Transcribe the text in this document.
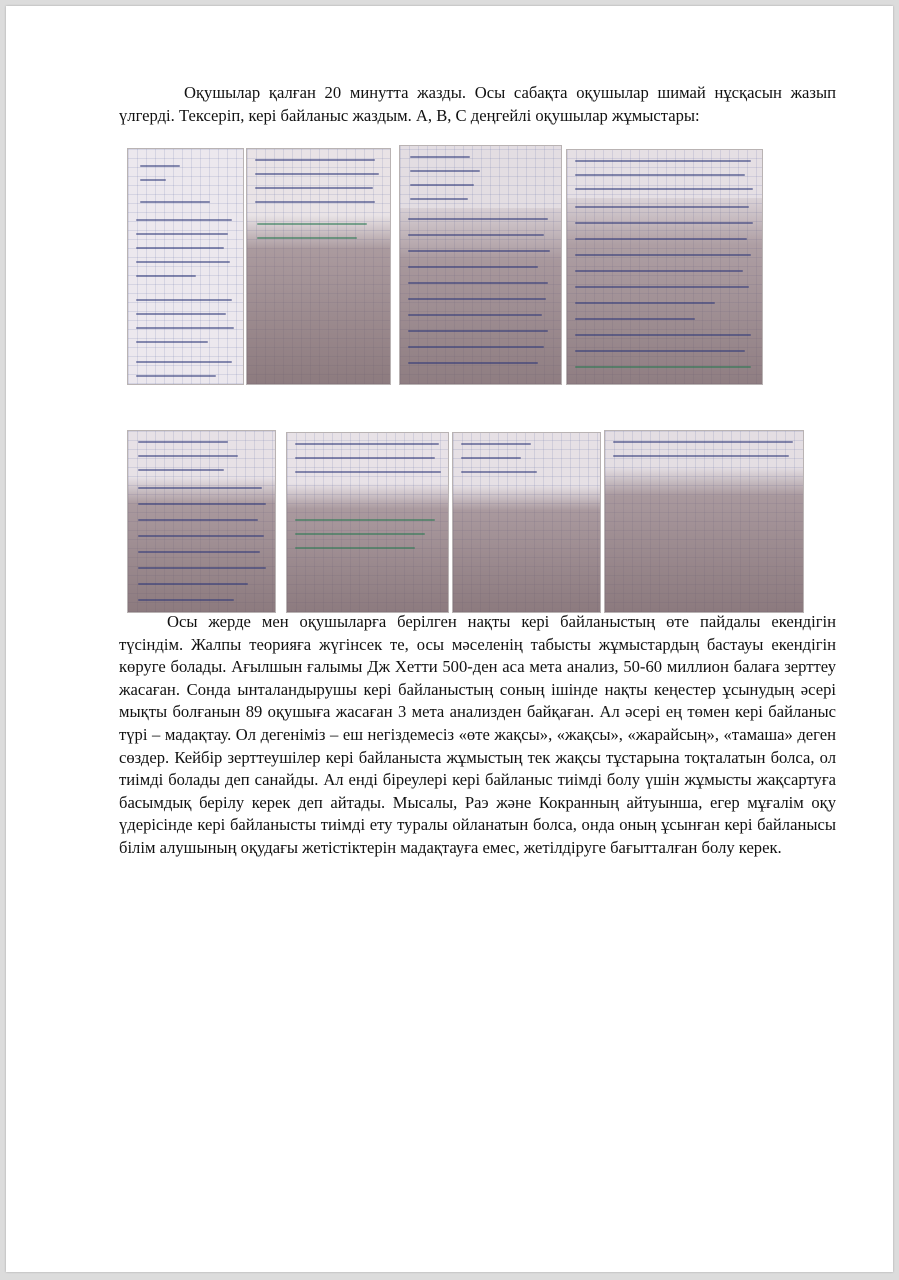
Оқушылар қалған 20 минутта жазды. Осы сабақта оқушылар шимай нұсқасын жазып үлгерді. Тексеріп, кері байланыс жаздым. А, В, С деңгейлі оқушылар жұмыстары:

Осы жерде мен оқушыларға берілген нақты кері байланыстың өте пайдалы екендігін түсіндім. Жалпы теорияға жүгінсек те, осы мәселенің табысты жұмыстардың бастауы екендігін көруге болады. Ағылшын ғалымы Дж Хетти 500-ден аса мета анализ, 50-60 миллион балаға зерттеу жасаған. Сонда ынталандырушы кері байланыстың соның ішінде нақты кеңестер ұсынудың әсері мықты болғанын 89 оқушыға жасаған 3 мета анализден байқаған. Ал әсері ең төмен кері байланыс түрі – мадақтау. Ол дегеніміз – еш негіздемесіз «өте жақсы», «жақсы», «жарайсың», «тамаша» деген сөздер. Кейбір зерттеушілер кері байланыста жұмыстың тек жақсы тұстарына тоқталатын болса, ол тиімді болады деп санайды. Ал енді біреулері кері байланыс тиімді болу үшін жұмысты жақсартуға басымдық берілу керек деп айтады. Мысалы, Раэ және Кокранның айтуынша, егер мұғалім оқу үдерісінде кері байланысты тиімді ету туралы ойланатын болса, онда оның ұсынған кері байланысы білім алушының оқудағы жетістіктерін мадақтауға емес, жетілдіруге бағытталған болу керек.
